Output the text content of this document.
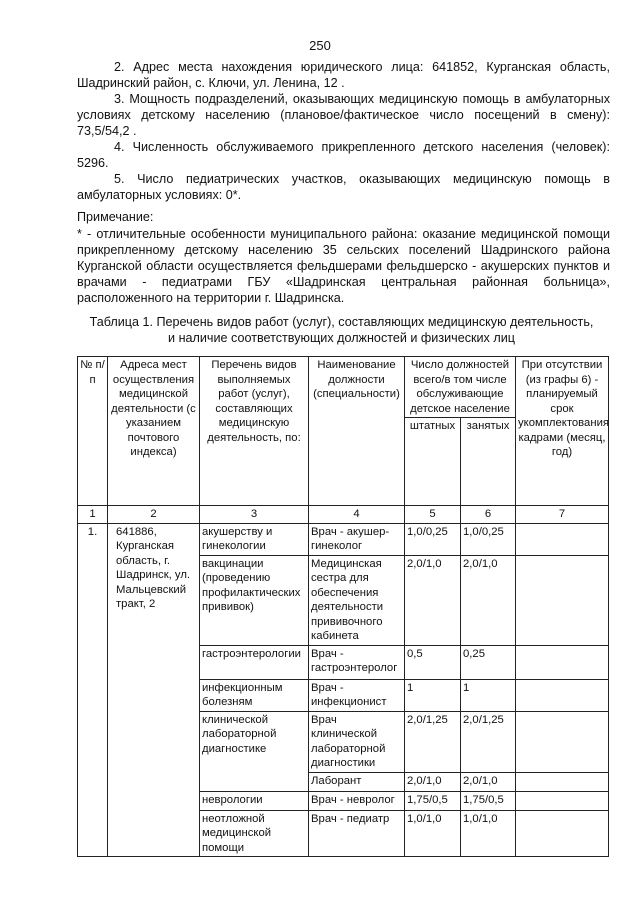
250
2. Адрес места нахождения юридического лица: 641852, Курганская область, Шадринский район, с. Ключи, ул. Ленина, 12 .
3. Мощность подразделений, оказывающих медицинскую помощь в амбулаторных условиях детскому населению (плановое/фактическое число посещений в смену): 73,5/54,2 .
4. Численность обслуживаемого прикрепленного детского населения (человек): 5296.
5. Число педиатрических участков, оказывающих медицинскую помощь в амбулаторных условиях: 0*.
Примечание:
* - отличительные особенности муниципального района: оказание медицинской помощи прикрепленному детскому населению 35 сельских поселений Шадринского района Курганской области осуществляется фельдшерами фельдшерско - акушерских пунктов и врачами - педиатрами ГБУ «Шадринская центральная районная больница», расположенного на территории г. Шадринска.
Таблица 1. Перечень видов работ (услуг), составляющих медицинскую деятельность,
и наличие соответствующих должностей и физических лиц
№ п/п	Адреса мест осуществления медицинской деятельности (с указанием почтового индекса)	Перечень видов выполняемых работ (услуг), составляющих медицинскую деятельность, по:	Наименование должности (специальности)	Число должностей всего/в том числе обслуживающие детское население		При отсутствии (из графы 6) - планируемый срок укомплектования кадрами (месяц, год)
				штатных	занятых	
1	2	3	4	5	6	7
1.	641886, Курганская область, г. Шадринск, ул. Мальцевский тракт, 2	акушерству и гинекологии	Врач - акушер-гинеколог	1,0/0,25	1,0/0,25	
		вакцинации (проведению профилактических прививок)	Медицинская сестра для обеспечения деятельности прививочного кабинета	2,0/1,0	2,0/1,0	
		гастроэнтерологии	Врач - гастроэнтеролог	0,5	0,25	
		инфекционным болезням	Врач - инфекционист	1	1	
		клинической лабораторной диагностике	Врач клинической лабораторной диагностики	2,0/1,25	2,0/1,25	
			Лаборант	2,0/1,0	2,0/1,0	
		неврологии	Врач - невролог	1,75/0,5	1,75/0,5	
		неотложной медицинской помощи	Врач - педиатр	1,0/1,0	1,0/1,0	
